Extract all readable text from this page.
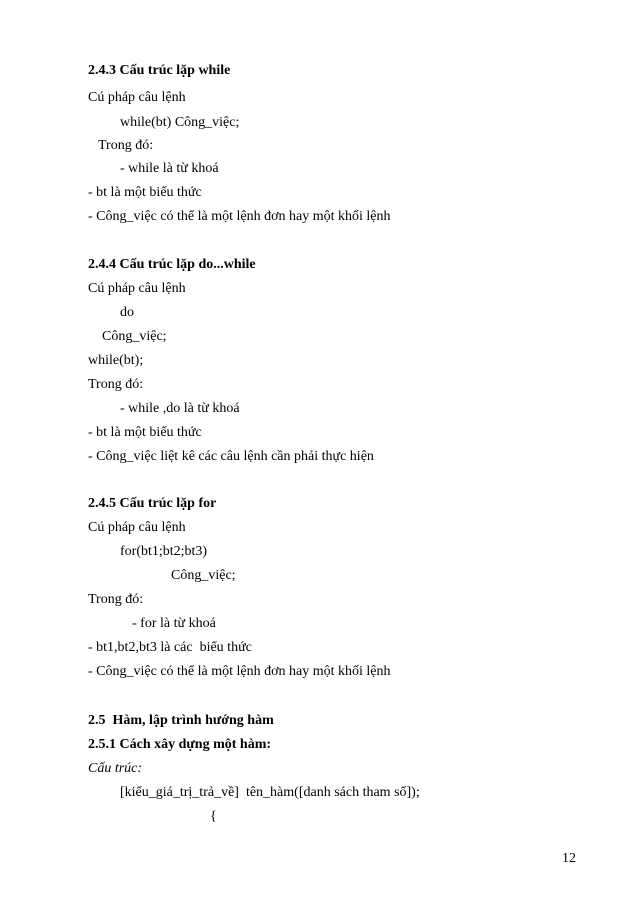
2.4.3 Cấu trúc lặp while
Cú pháp câu lệnh
while(bt) Công_việc;
Trong đó:
- while là từ khoá
- bt là một biểu thức
- Công_việc có thể là một lệnh đơn hay một khối lệnh
2.4.4 Cấu trúc lặp do...while
Cú pháp câu lệnh
do
Công_việc;
while(bt);
Trong đó:
- while ,do là từ khoá
- bt là một biểu thức
- Công_việc liệt kê các câu lệnh cần phải thực hiện
2.4.5 Cấu trúc lặp for
Cú pháp câu lệnh
for(bt1;bt2;bt3)
Công_việc;
Trong đó:
- for là từ khoá
- bt1,bt2,bt3 là các  biểu thức
- Công_việc có thể là một lệnh đơn hay một khối lệnh
2.5  Hàm, lập trình hướng hàm
2.5.1 Cách xây dựng một hàm:
Cấu trúc:
[kiểu_giá_trị_trả_về]  tên_hàm([danh sách tham số]);
{
12
